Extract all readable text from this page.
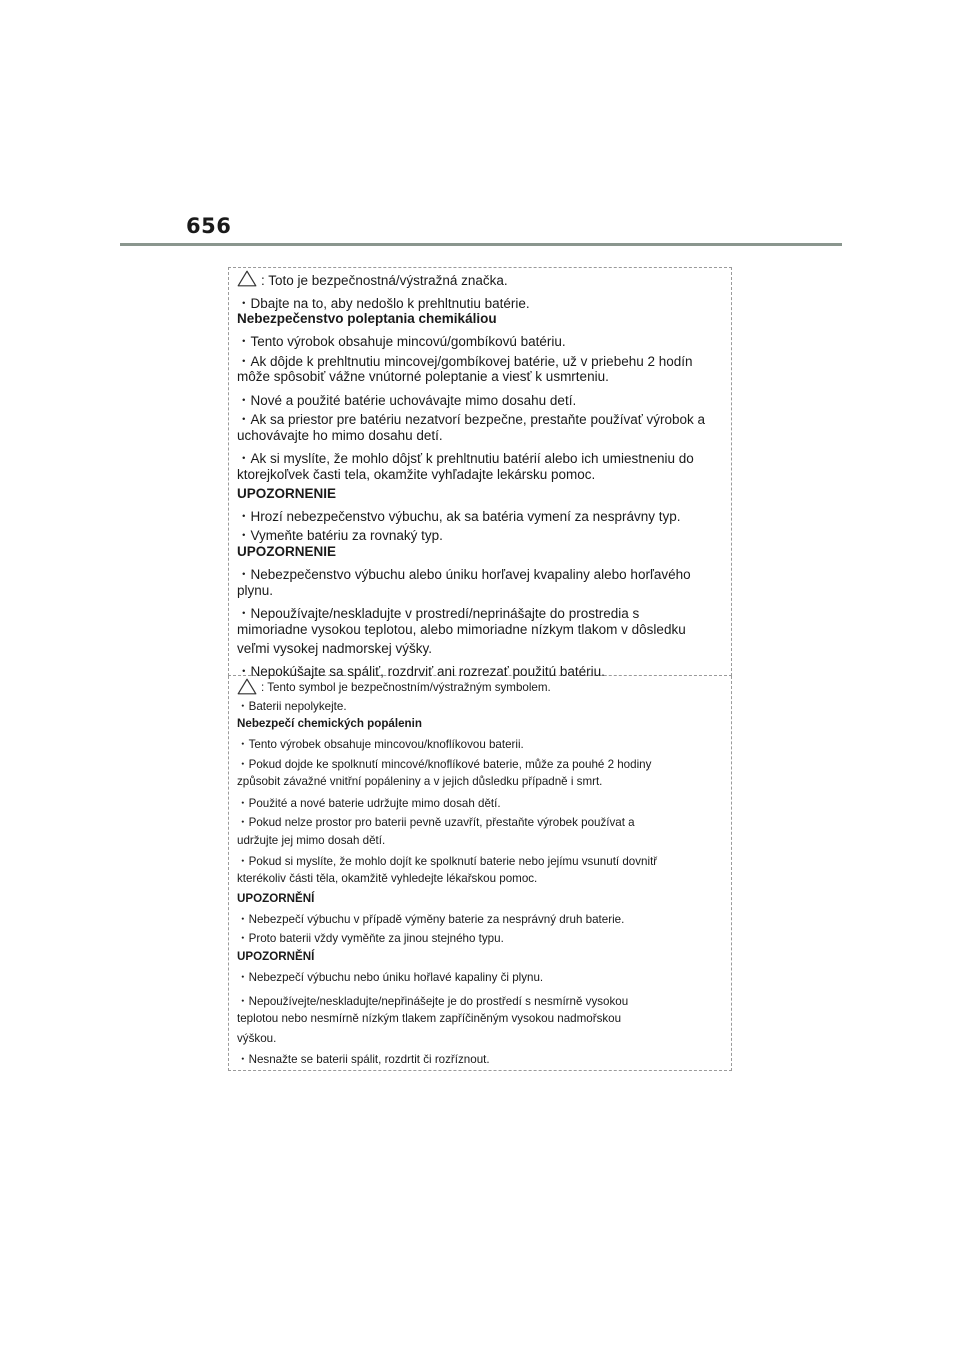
656
: Toto je bezpečnostná/výstražná značka.
・Dbajte na to, aby nedošlo k prehltnutiu batérie.
Nebezpečenstvo poleptania chemikáliou
・Tento výrobok obsahuje mincovú/gombíkovú batériu.
・Ak dôjde k prehltnutiu mincovej/gombíkovej batérie, už v priebehu 2 hodín
môže spôsobiť vážne vnútorné poleptanie a viesť k usmrteniu.
・Nové a použité batérie uchovávajte mimo dosahu detí.
・Ak sa priestor pre batériu nezatvorí bezpečne, prestaňte používať výrobok a
uchovávajte ho mimo dosahu detí.
・Ak si myslíte, že mohlo dôjsť k prehltnutiu batérií alebo ich umiestneniu do
ktorejkoľvek časti tela, okamžite vyhľadajte lekársku pomoc.
UPOZORNENIE
・Hrozí nebezpečenstvo výbuchu, ak sa batéria vymení za nesprávny typ.
・Vymeňte batériu za rovnaký typ.
UPOZORNENIE
・Nebezpečenstvo výbuchu alebo úniku horľavej kvapaliny alebo horľavého
plynu.
・Nepoužívajte/neskladujte v prostredí/neprinášajte do prostredia s
mimoriadne vysokou teplotou, alebo mimoriadne nízkym tlakom v dôsledku
veľmi vysokej nadmorskej výšky.
・Nepokúšajte sa spáliť, rozdrviť ani rozrezať použitú batériu.
: Tento symbol je bezpečnostním/výstražným symbolem.
・Baterii nepolykejte.
Nebezpečí chemických popálenin
・Tento výrobek obsahuje mincovou/knoflíkovou baterii.
・Pokud dojde ke spolknutí mincové/knoflíkové baterie, může za pouhé 2 hodiny
způsobit závažné vnitřní popáleniny a v jejich důsledku případně i smrt.
・Použité a nové baterie udržujte mimo dosah dětí.
・Pokud nelze prostor pro baterii pevně uzavřít, přestaňte výrobek používat a
udržujte jej mimo dosah dětí.
・Pokud si myslíte, že mohlo dojít ke spolknutí baterie nebo jejímu vsunutí dovnitř
kterékoliv části těla, okamžitě vyhledejte lékařskou pomoc.
UPOZORNĚNÍ
・Nebezpečí výbuchu v případě výměny baterie za nesprávný druh baterie.
・Proto baterii vždy vyměňte za jinou stejného typu.
UPOZORNĚNÍ
・Nebezpečí výbuchu nebo úniku hořlavé kapaliny či plynu.
・Nepoužívejte/neskladujte/nepřinášejte je do prostředí s nesmírně vysokou
teplotou nebo nesmírně nízkým tlakem zapříčiněným vysokou nadmořskou
výškou.
・Nesnažte se baterii spálit, rozdrtit či rozříznout.
